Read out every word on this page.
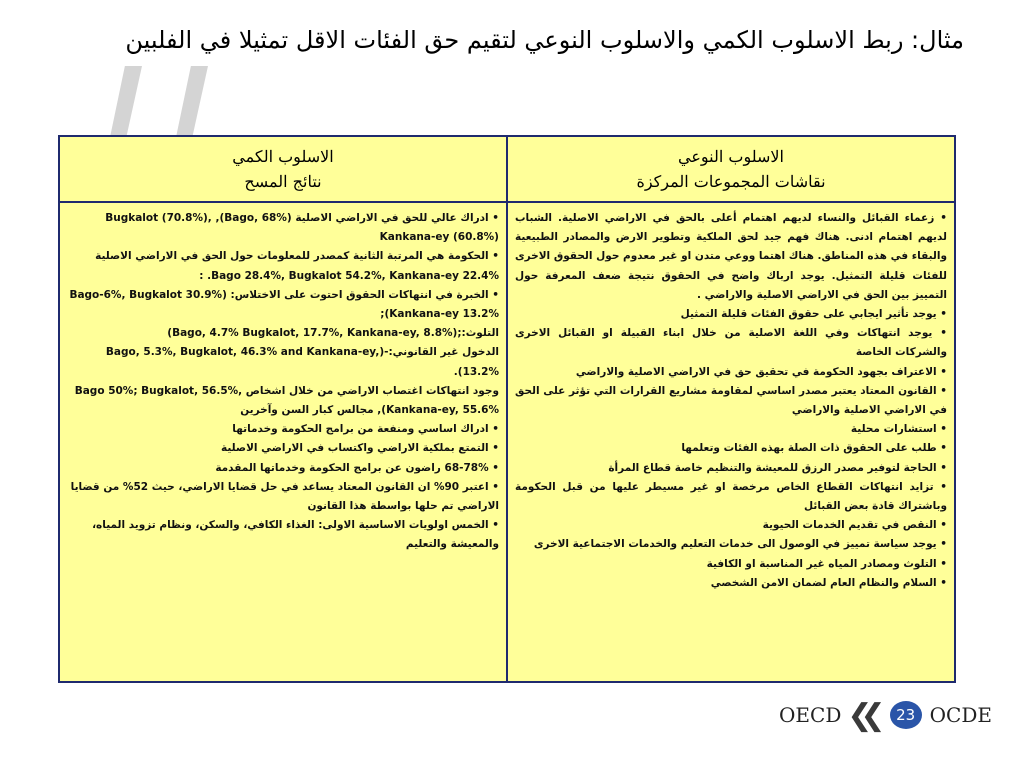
مثال: ربط الاسلوب الكمي والاسلوب النوعي لتقيم حق الفئات الاقل تمثيلا في الفلبين
الاسلوب النوعي
نقاشات المجموعات المركزة
الاسلوب الكمي
نتائج المسح

• زعماء القبائل والنساء لديهم اهتمام أعلى بالحق في الاراضي الاصلية. الشباب لديهم اهتمام ادنى. هناك فهم جيد لحق الملكية وتطوير الارض والمصادر الطبيعية والبقاء في هذه المناطق. هناك اهتما ووعي متدن او غير معدوم حول الحقوق الاخرى للفئات قليلة التمثيل. يوجد ارباك واضح في الحقوق نتيجة ضعف المعرفة حول التمييز بين الحق في الاراضي الاصلية والاراضي .

• يوجد تأثير ايجابي على حقوق الفئات قليلة التمثيل

• يوجد انتهاكات وفي اللغة الاصلية من خلال ابناء القبيلة او القبائل الاخرى والشركات الخاصة

• الاعتراف بجهود الحكومة في تحقيق حق في الاراضي الاصلية والاراضي

• القانون المعتاد يعتبر مصدر اساسي لمقاومة مشاريع القرارات التي تؤثر على الحق في الاراضي الاصلية والاراضي

• استشارات محلية

• طلب على الحقوق ذات الصلة بهذه الفئات وتعلمها

• الحاجة لتوفير مصدر الرزق للمعيشة والتنظيم خاصة قطاع المرأة

• تزايد انتهاكات القطاع الخاص مرخصة او غير مسيطر عليها من قبل الحكومة وباشتراك قادة بعض القبائل

• النقص في تقديم الخدمات الحيوية

• يوجد سياسة تمييز في الوصول الى خدمات التعليم والخدمات الاجتماعية الاخرى

• التلوث ومصادر المياه غير المناسبة او الكافية

• السلام والنظام العام لضمان الامن الشخصي

• ادراك عالي للحق في الاراضي الاصلية (Bago, 68%), Bugkalot (70.8%), Kankana-ey (60.8%)

• الحكومة هي المرتبة الثانية كمصدر للمعلومات حول الحق في الاراضي الاصلية Bago 28.4%, Bugkalot 54.2%, Kankana-ey 22.4%. :

• الخبرة في انتهاكات الحقوق احتوت على الاختلاس: (Bago-6%, Bugkalot 30.9% Kankana-ey 13.2%);

التلوث:;(Bago, 4.7% Bugkalot, 17.7%, Kankana-ey, 8.8%)

الدخول غير القانوني:-(Bago, 5.3%, Bugkalot, 46.3% and Kankana-ey, 13.2%).

وجود انتهاكات اغتصاب الاراضي من خلال اشخاص Bago 50%; Bugkalot, 56.5%, Kankana-ey, 55.6%), مجالس كبار السن وآخرين

• ادراك اساسي ومنفعة من برامج الحكومة وخدماتها

• التمتع بملكية الاراضي واكتساب في الاراضي الاصلية

• 68-78% راضون عن برامج الحكومة وخدماتها المقدمة

• اعتبر 90% ان القانون المعتاد يساعد في حل قضايا الاراضي، حيث 52% من قضايا الاراضي تم حلها بواسطة هذا القانون

• الخمس اولويات الاساسية الاولى: الغذاء الكافي، والسكن، ونظام تزويد المياه، والمعيشة والتعليم

OECD ❮❮	23 OCDE
